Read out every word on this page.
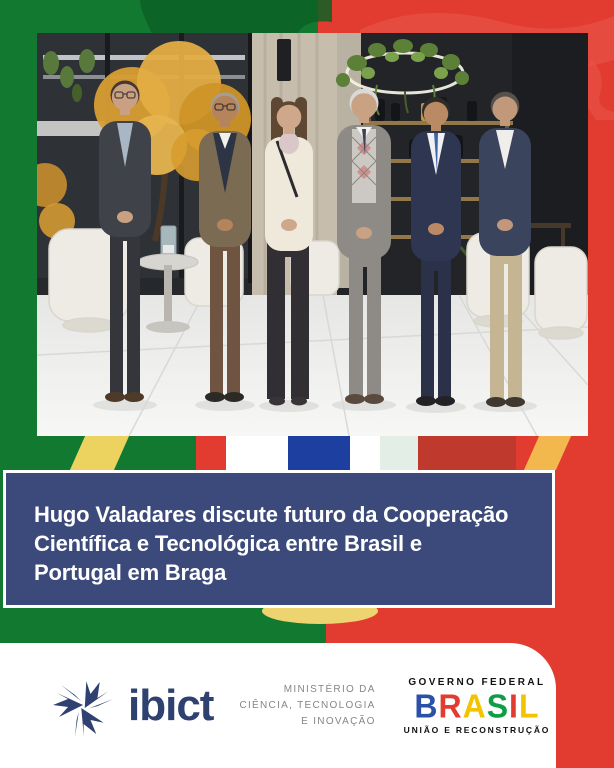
Hugo Valadares discute futuro da Cooperação
Científica e Tecnológica entre Brasil e
Portugal em Braga
ibict	MINISTÉRIO DA
CIÊNCIA, TECNOLOGIA
E INOVAÇÃO
GOVERNO FEDERAL
BRASIL
UNIÃO E RECONSTRUÇÃO
